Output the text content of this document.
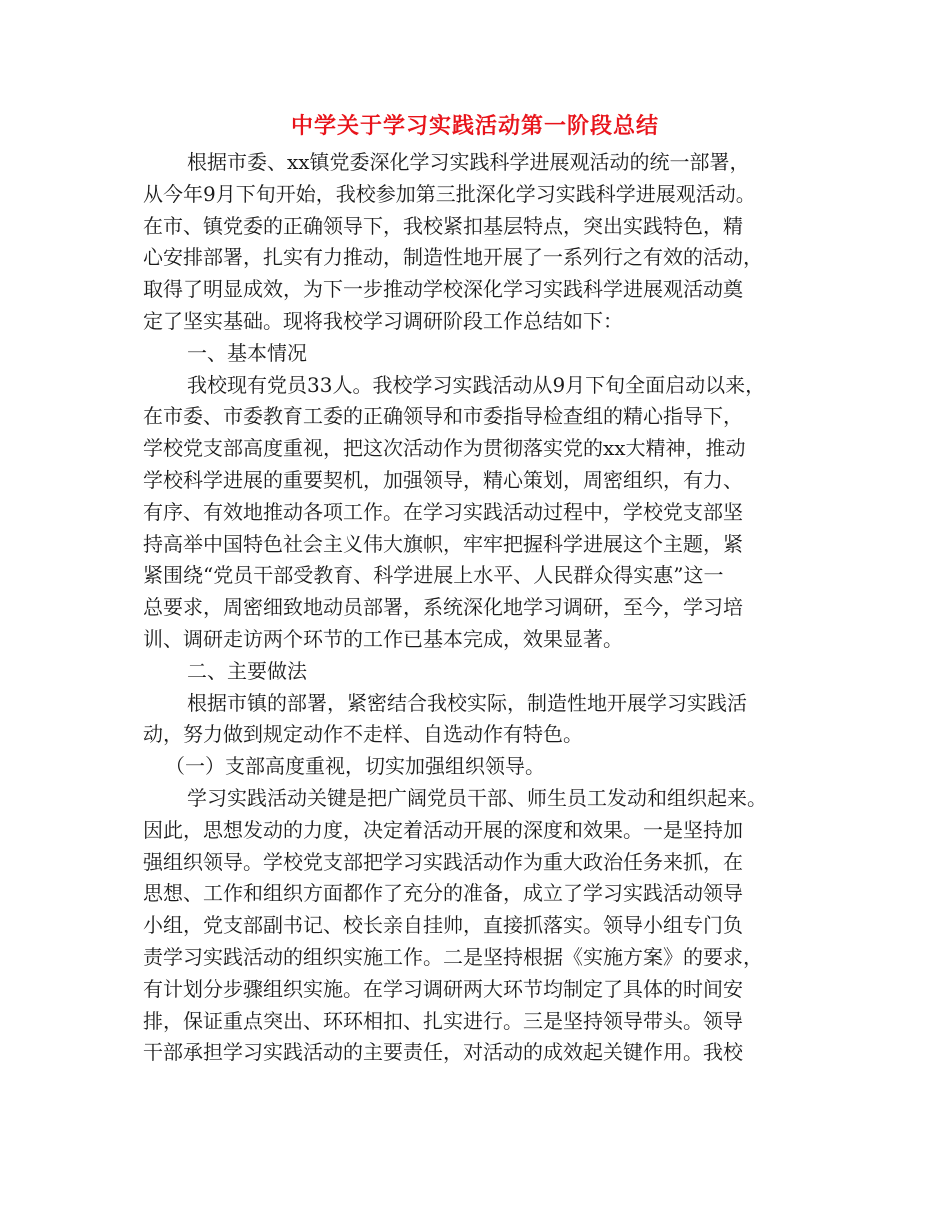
中学关于学习实践活动第一阶段总结
根据市委、xx镇党委深化学习实践科学进展观活动的统一部署，
从今年9月下旬开始，我校参加第三批深化学习实践科学进展观活动。
在市、镇党委的正确领导下，我校紧扣基层特点，突出实践特色，精
心安排部署，扎实有力推动，制造性地开展了一系列行之有效的活动，
取得了明显成效，为下一步推动学校深化学习实践科学进展观活动奠
定了坚实基础。现将我校学习调研阶段工作总结如下：
一、基本情况
我校现有党员33人。我校学习实践活动从9月下旬全面启动以来，
在市委、市委教育工委的正确领导和市委指导检查组的精心指导下，
学校党支部高度重视，把这次活动作为贯彻落实党的xx大精神，推动
学校科学进展的重要契机，加强领导，精心策划，周密组织，有力、
有序、有效地推动各项工作。在学习实践活动过程中，学校党支部坚
持高举中国特色社会主义伟大旗帜，牢牢把握科学进展这个主题，紧
紧围绕“党员干部受教育、科学进展上水平、人民群众得实惠”这一
总要求，周密细致地动员部署，系统深化地学习调研，至今，学习培
训、调研走访两个环节的工作已基本完成，效果显著。
二、主要做法
根据市镇的部署，紧密结合我校实际，制造性地开展学习实践活
动，努力做到规定动作不走样、自选动作有特色。
（一）支部高度重视，切实加强组织领导。
学习实践活动关键是把广阔党员干部、师生员工发动和组织起来。
因此，思想发动的力度，决定着活动开展的深度和效果。一是坚持加
强组织领导。学校党支部把学习实践活动作为重大政治任务来抓，在
思想、工作和组织方面都作了充分的准备，成立了学习实践活动领导
小组，党支部副书记、校长亲自挂帅，直接抓落实。领导小组专门负
责学习实践活动的组织实施工作。二是坚持根据《实施方案》的要求，
有计划分步骤组织实施。在学习调研两大环节均制定了具体的时间安
排，保证重点突出、环环相扣、扎实进行。三是坚持领导带头。领导
干部承担学习实践活动的主要责任，对活动的成效起关键作用。我校
